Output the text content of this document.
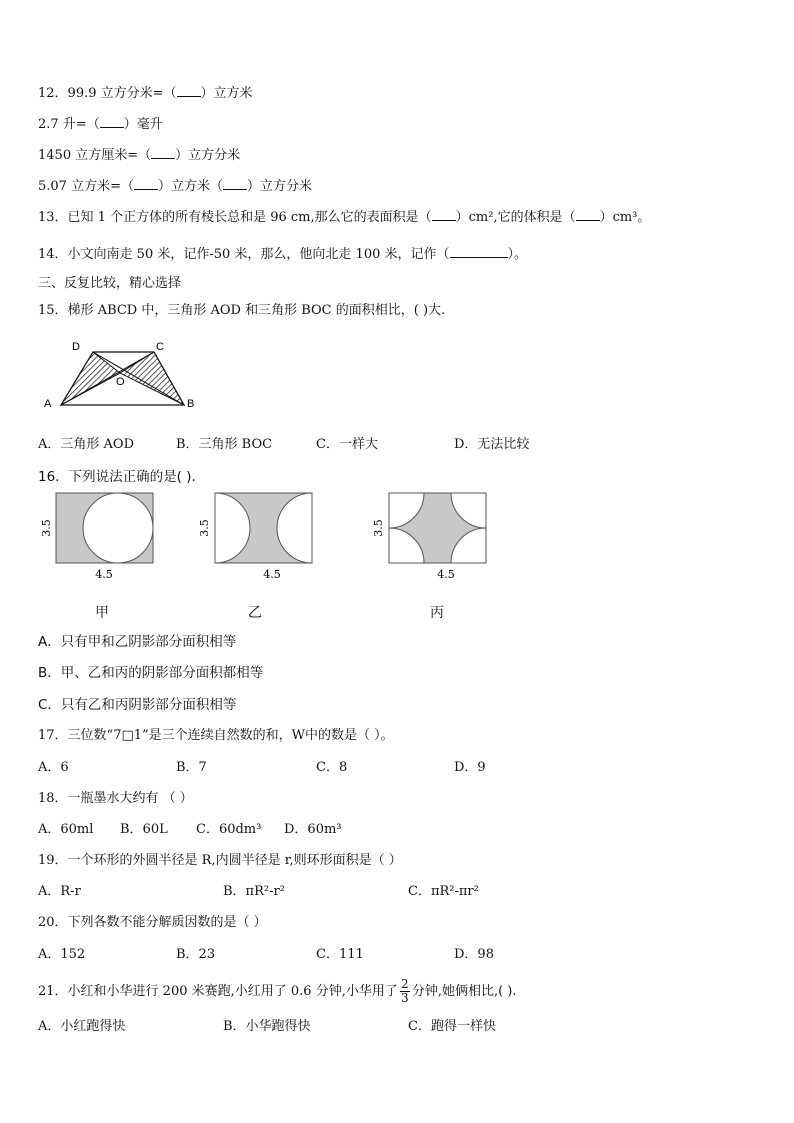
12．99.9 立方分米=（ ）立方米
2.7 升=（ ）毫升
1450 立方厘米=（ ）立方分米
5.07 立方米=（ ）立方米（ ）立方分米
13．已知 1 个正方体的所有棱长总和是 96 cm,那么它的表面积是（ ）cm²,它的体积是（ ）cm³。
14．小文向南走 50 米，记作-50 米，那么，他向北走 100 米，记作（	）。
三、反复比较，精心选择
15．梯形 ABCD 中，三角形 AOD 和三角形 BOC 的面积相比，( )大.
D	C
O
A	B
A．三角形 AOD	B．三角形 BOC	C．一样大	D．无法比较
16．下列说法正确的是( )．
3.5
4.5
3.5
4.5
3.5
4.5
甲	乙	丙
A．只有甲和乙阴影部分面积相等
B．甲、乙和丙的阴影部分面积都相等
C．只有乙和丙阴影部分面积相等
17．三位数“7□1”是三个连续自然数的和，W中的数是（ ）。
A．6	B．7	C．8	D．9
18．一瓶墨水大约有 （ ）
A．60ml B．60L C．60dm³ D．60m³
19．一个环形的外圆半径是 R,内圆半径是 r,则环形面积是（ ）
A．R-r	B．πR²-r²	C．πR²-πr²
20．下列各数不能分解质因数的是（ ）
A．152	B．23	C．111	D．98
21．小红和小华进行 200 米赛跑,小红用了 0.6 分钟,小华用了 $\frac{2}{3}$ 分钟,她俩相比,( ).
A．小红跑得快	B．小华跑得快	C．跑得一样快
